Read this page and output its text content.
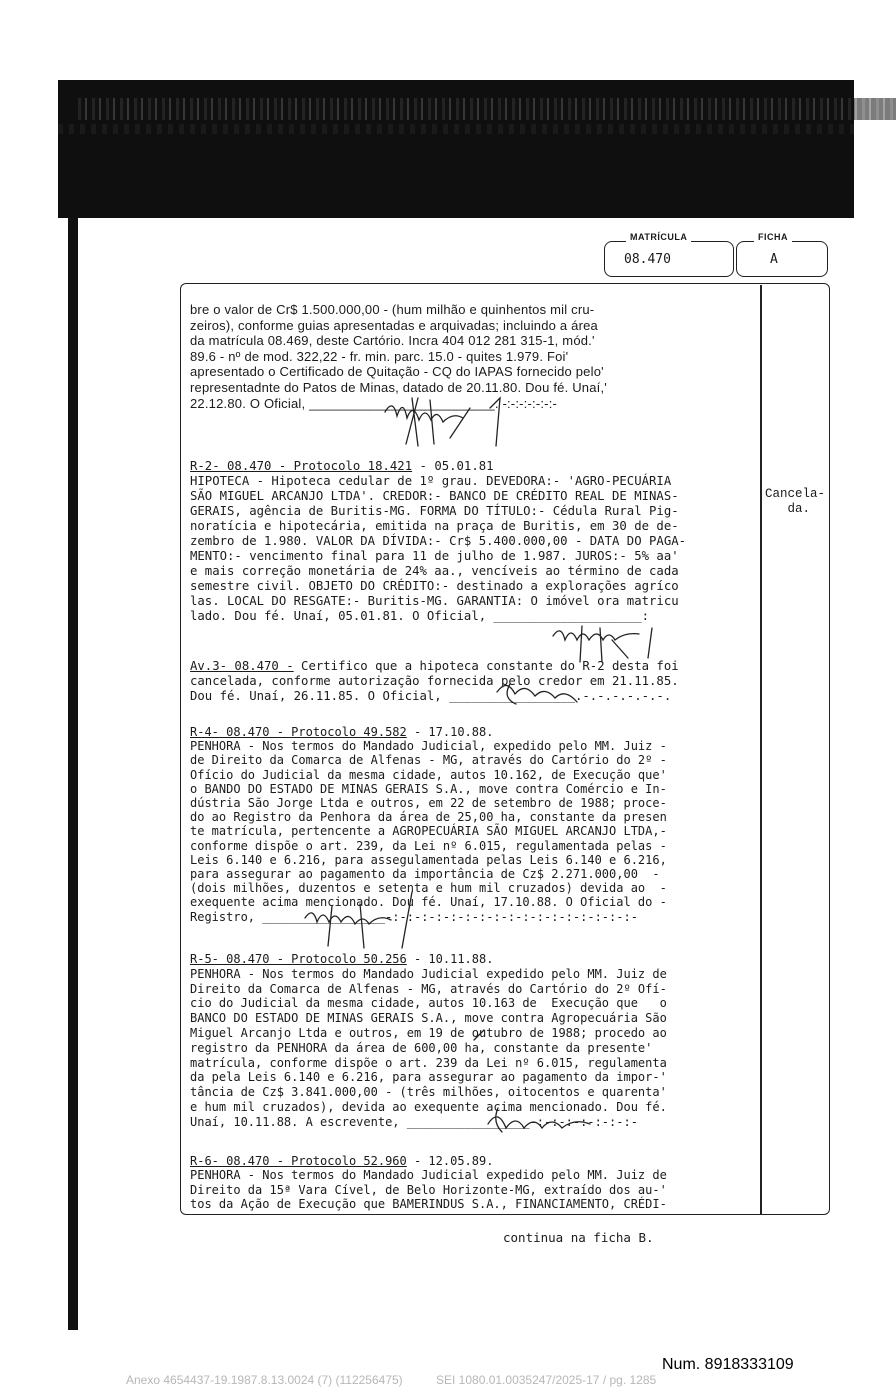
MATRÍCULA
08.470
FICHA
A
bre o valor de Cr$ 1.500.000,00 - (hum milhão e quinhentos mil cru-
zeiros), conforme guias apresentadas e arquivadas; incluindo a área
da matrícula 08.469, deste Cartório. Incra 404 012 281 315-1, mód.'
89.6 - nº de mod. 322,22 - fr. min. parc. 15.0 - quites 1.979. Foi'
apresentado o Certificado de Quitação - CQ do IAPAS fornecido pelo'
representadnte do Patos de Minas, datado de 20.11.80. Dou fé. Unaí,'
22.12.80. O Oficial, _________________________. -:-:-:-:-:-:-
R-2- 08.470 - Protocolo 18.421 - 05.01.81
HIPOTECA - Hipoteca cedular de 1º grau. DEVEDORA:- 'AGRO-PECUÁRIA
SÃO MIGUEL ARCANJO LTDA'. CREDOR:- BANCO DE CRÉDITO REAL DE MINAS-
GERAIS, agência de Buritis-MG. FORMA DO TÍTULO:- Cédula Rural Pig-
noratícia e hipotecária, emitida na praça de Buritis, em 30 de de-
zembro de 1.980. VALOR DA DÍVIDA:- Cr$ 5.400.000,00 - DATA DO PAGA-
MENTO:- vencimento final para 11 de julho de 1.987. JUROS:- 5% aa'
e mais correção monetária de 24% aa., vencíveis ao término de cada
semestre civil. OBJETO DO CRÉDITO:- destinado a explorações agríco
las. LOCAL DO RESGATE:- Buritis-MG. GARANTIA: O imóvel ora matricu
lado. Dou fé. Unaí, 05.01.81. O Oficial, ____________________:
Av.3- 08.470 - Certifico que a hipoteca constante do R-2 desta foi
cancelada, conforme autorização fornecida pelo credor em 21.11.85.
Dou fé. Unaí, 26.11.85. O Oficial, _________________.-.-.-.-.-.-.
R-4- 08.470 - Protocolo 49.582 - 17.10.88.
PENHORA - Nos termos do Mandado Judicial, expedido pelo MM. Juiz -
de Direito da Comarca de Alfenas - MG, através do Cartório do 2º -
Ofício do Judicial da mesma cidade, autos 10.162, de Execução que'
o BANDO DO ESTADO DE MINAS GERAIS S.A., move contra Comércio e In-
dústria São Jorge Ltda e outros, em 22 de setembro de 1988; proce-
do ao Registro da Penhora da área de 25,00 ha, constante da presen
te matrícula, pertencente a AGROPECUÁRIA SÃO MIGUEL ARCANJO LTDA,-
conforme dispõe o art. 239, da Lei nº 6.015, regulamentada pelas -
Leis 6.140 e 6.216, para assegulamentada pelas Leis 6.140 e 6.216,
para assegurar ao pagamento da importância de Cz$ 2.271.000,00  -
(dois milhões, duzentos e setenta e hum mil cruzados) devida ao  -
exequente acima mencionado. Dou fé. Unaí, 17.10.88. O Oficial do -
Registro, _________________-:-:-:-:-:-:-:-:-:-:-:-:-:-:-:-:-:-
R-5- 08.470 - Protocolo 50.256 - 10.11.88.
PENHORA - Nos termos do Mandado Judicial expedido pelo MM. Juiz de
Direito da Comarca de Alfenas - MG, através do Cartório do 2º Ofí-
cio do Judicial da mesma cidade, autos 10.163 de  Execução que   o
BANCO DO ESTADO DE MINAS GERAIS S.A., move contra Agropecuária São
Miguel Arcanjo Ltda e outros, em 19 de outubro de 1988; procedo ao
registro da PENHORA da área de 600,00 ha, constante da presente'
matrícula, conforme dispõe o art. 239 da Lei nº 6.015, regulamenta
da pela Leis 6.140 e 6.216, para assegurar ao pagamento da impor-'
tância de Cz$ 3.841.000,00 - (três milhões, oitocentos e quarenta'
e hum mil cruzados), devida ao exequente acima mencionado. Dou fé.
Unaí, 10.11.88. A escrevente, _________________-:-:-:-:-:-:-:-
R-6- 08.470 - Protocolo 52.960 - 12.05.89.
PENHORA - Nos termos do Mandado Judicial expedido pelo MM. Juiz de
Direito da 15ª Vara Cível, de Belo Horizonte-MG, extraído dos au-'
tos da Ação de Execução que BAMERINDUS S.A., FINANCIAMENTO, CRÉDI-
Cancela-
da.
continua na ficha B.
Num. 8918333109
Anexo 4654437-19.1987.8.13.0024 (7) (112256475)          SEI 1080.01.0035247/2025-17 / pg. 1285
